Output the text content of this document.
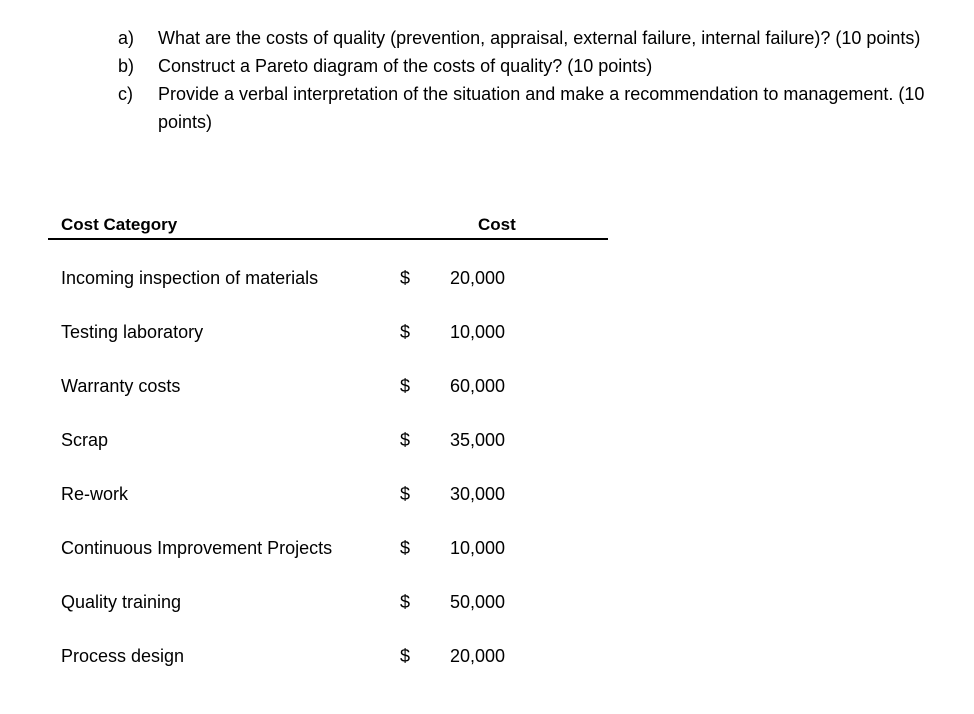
a) What are the costs of quality (prevention, appraisal, external failure, internal failure)? (10 points)
b) Construct a Pareto diagram of the costs of quality? (10 points)
c) Provide a verbal interpretation of the situation and make a recommendation to management. (10 points)
Cost Category	Cost
Incoming inspection of materials	$ 20,000
Testing laboratory	$ 10,000
Warranty costs	$ 60,000
Scrap	$ 35,000
Re-work	$ 30,000
Continuous Improvement Projects	$ 10,000
Quality training	$ 50,000
Process design	$ 20,000
